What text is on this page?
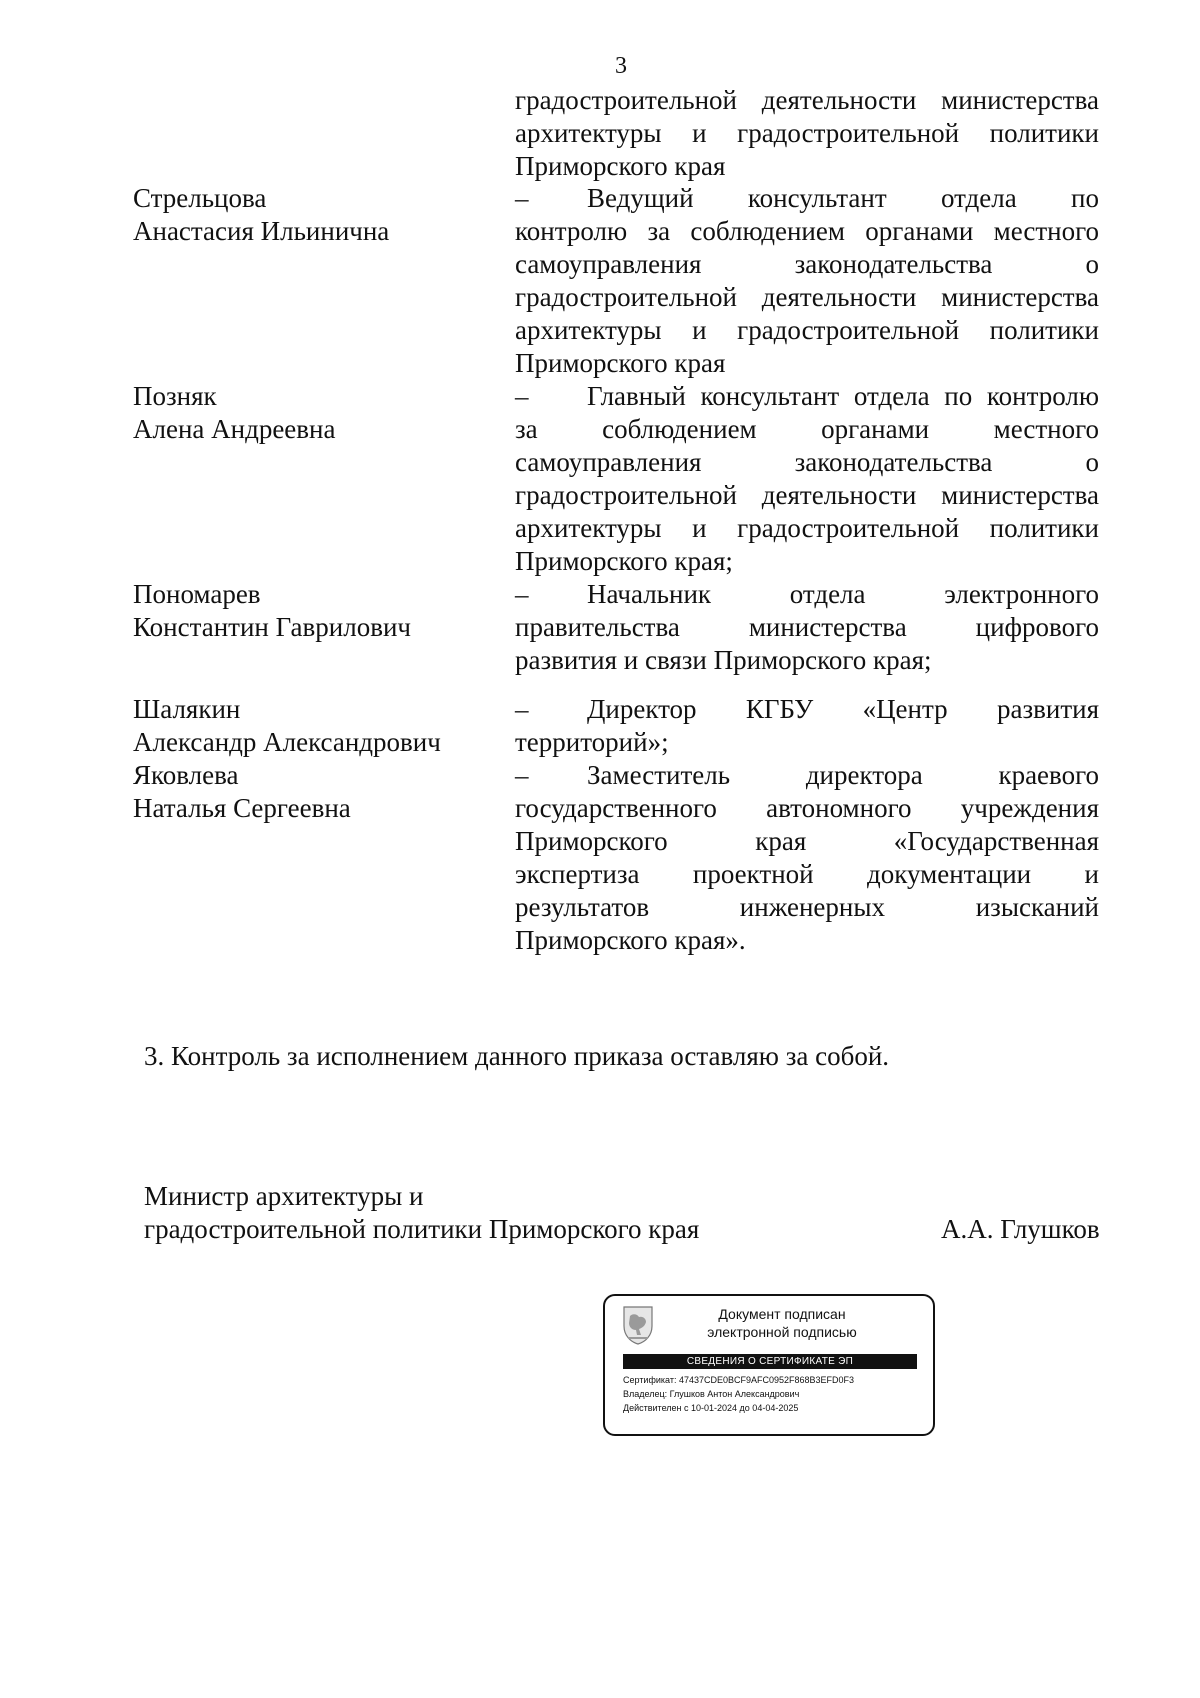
3
градостроительной деятельности министерства
архитектуры и градостроительной политики
Приморского края
Стрельцова
Анастасия Ильинична
– Ведущий консультант отдела по
контролю за соблюдением органами местного
самоуправления законодательства о
градостроительной деятельности министерства
архитектуры и градостроительной политики
Приморского края
Позняк
Алена Андреевна
– Главный консультант отдела по контролю
за соблюдением органами местного
самоуправления законодательства о
градостроительной деятельности министерства
архитектуры и градостроительной политики
Приморского края;
Пономарев
Константин Гаврилович
– Начальник отдела электронного
правительства министерства цифрового
развития и связи Приморского края;
Шалякин
Александр Александрович
– Директор КГБУ «Центр развития
территорий»;
Яковлева
Наталья Сергеевна
– Заместитель директора краевого
государственного автономного учреждения
Приморского края «Государственная
экспертиза проектной документации и
результатов инженерных изысканий
Приморского края».
3. Контроль за исполнением данного приказа оставляю за собой.
Министр архитектуры и
градостроительной политики Приморского края	А.А. Глушков
Документ подписан
электронной подписью
СВЕДЕНИЯ О СЕРТИФИКАТЕ ЭП
Сертификат: 47437CDE0BCF9AFC0952F868B3EFD0F3
Владелец: Глушков Антон Александрович
Действителен с 10-01-2024 до 04-04-2025
